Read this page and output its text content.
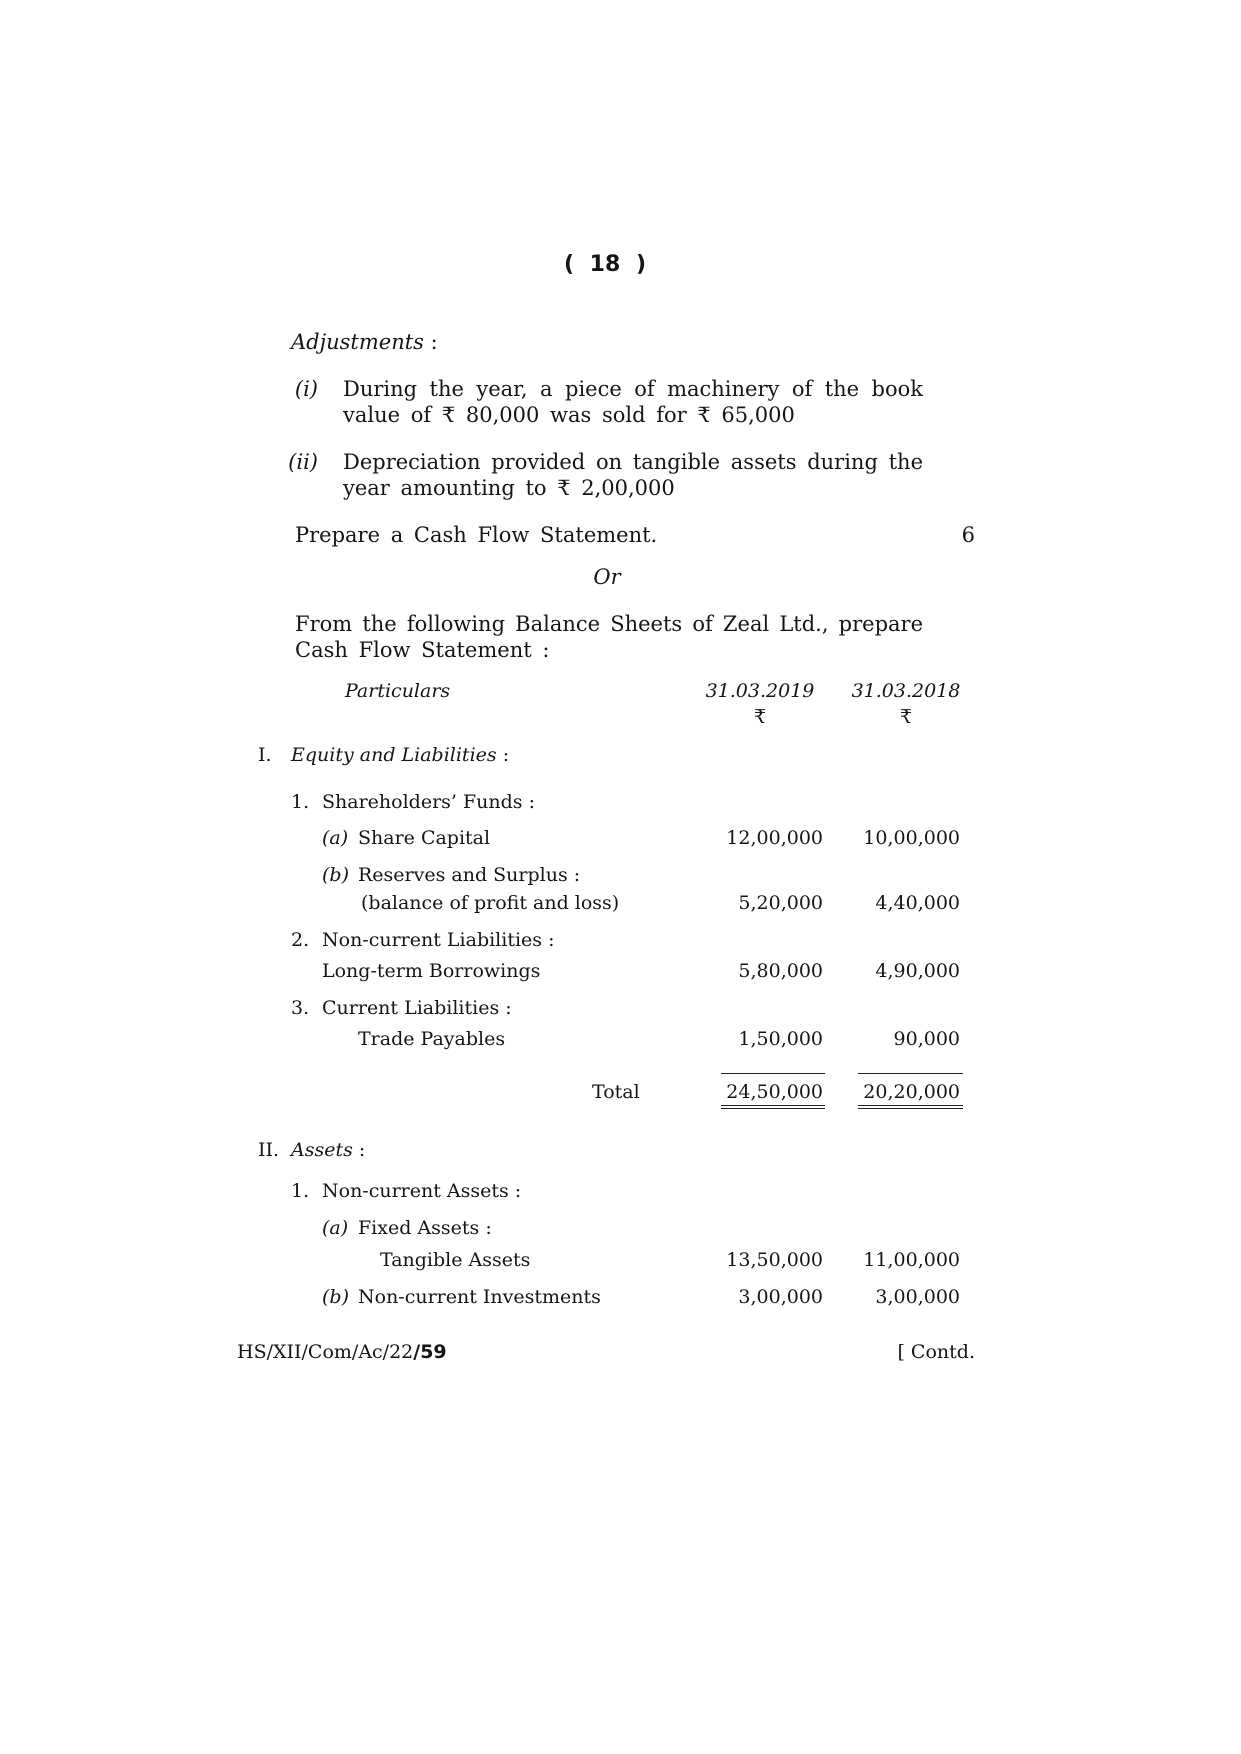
( 18 )
Adjustments :
(i) During the year, a piece of machinery of the book
value of ₹ 80,000 was sold for ₹ 65,000
(ii) Depreciation provided on tangible assets during the
year amounting to ₹ 2,00,000
Prepare a Cash Flow Statement.	6
Or
From the following Balance Sheets of Zeal Ltd., prepare
Cash Flow Statement :
Particulars	31.03.2019 31.03.2018
₹	₹
I. Equity and Liabilities :
1. Shareholders’ Funds :
(a) Share Capital	12,00,000	10,00,000
(b) Reserves and Surplus :
(balance of profit and loss)	5,20,000	4,40,000
2. Non-current Liabilities :
Long-term Borrowings	5,80,000	4,90,000
3. Current Liabilities :
Trade Payables	1,50,000	90,000
Total	24,50,000	20,20,000
II. Assets :
1. Non-current Assets :
(a) Fixed Assets :
Tangible Assets	13,50,000	11,00,000
(b) Non-current Investments	3,00,000	3,00,000
HS/XII/Com/Ac/22/59	[ Contd.
